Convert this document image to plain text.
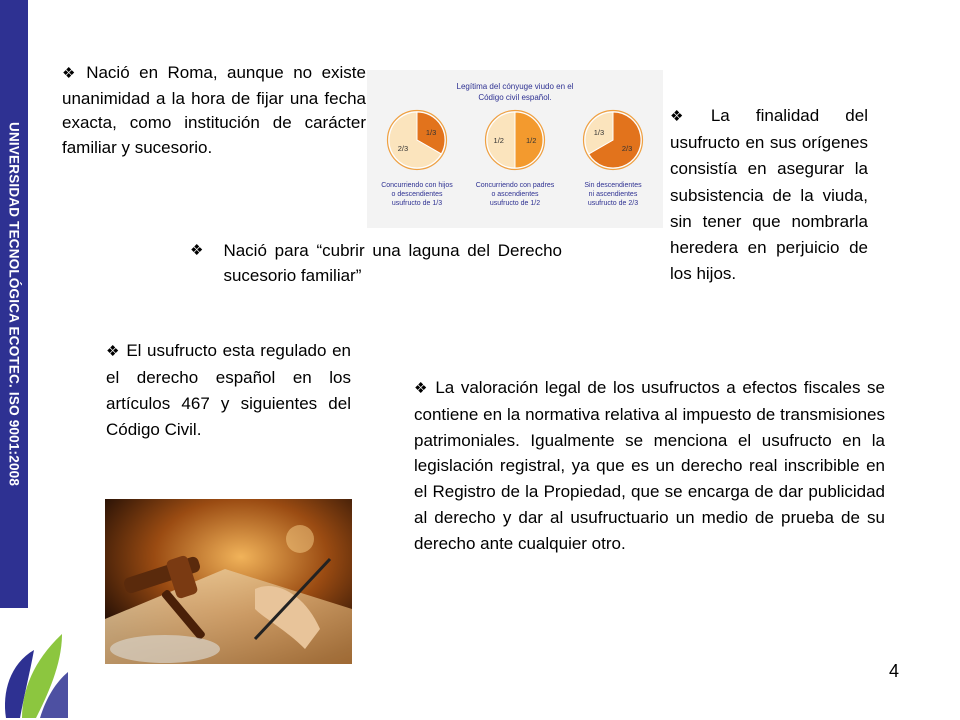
UNIVERSIDAD TECNOLÓGICA ECOTEC. ISO 9001:2008
❖ Nació en Roma, aunque no existe unanimidad a la hora de fijar una fecha exacta, como institución de carácter familiar y sucesorio.
Legítima del cónyuge viudo en el
Código civil español.
1/3
2/3
Concurriendo con hijos
o descendientes
usufructo de 1/3
1/2
1/2
Concurriendo con padres
o ascendientes
usufructo de 1/2
2/3
1/3
Sin descendientes
ni ascendientes
usufructo de 2/3
❖ Nació para “cubrir una laguna del Derecho sucesorio familiar”
❖ La finalidad del usufructo en sus orígenes consistía en asegurar la subsistencia de la viuda, sin tener que nombrarla heredera en perjuicio de los hijos.
❖ El usufructo esta regulado en el derecho español en los artículos 467 y siguientes del Código Civil.
❖ La valoración legal de los usufructos a efectos fiscales se contiene en la normativa relativa al impuesto de transmisiones patrimoniales. Igualmente se menciona el usufructo en la legislación registral, ya que es un derecho real inscribible en el Registro de la Propiedad, que se encarga de dar publicidad al derecho y dar al usufructuario un medio de prueba de su derecho ante cualquier otro.
4
